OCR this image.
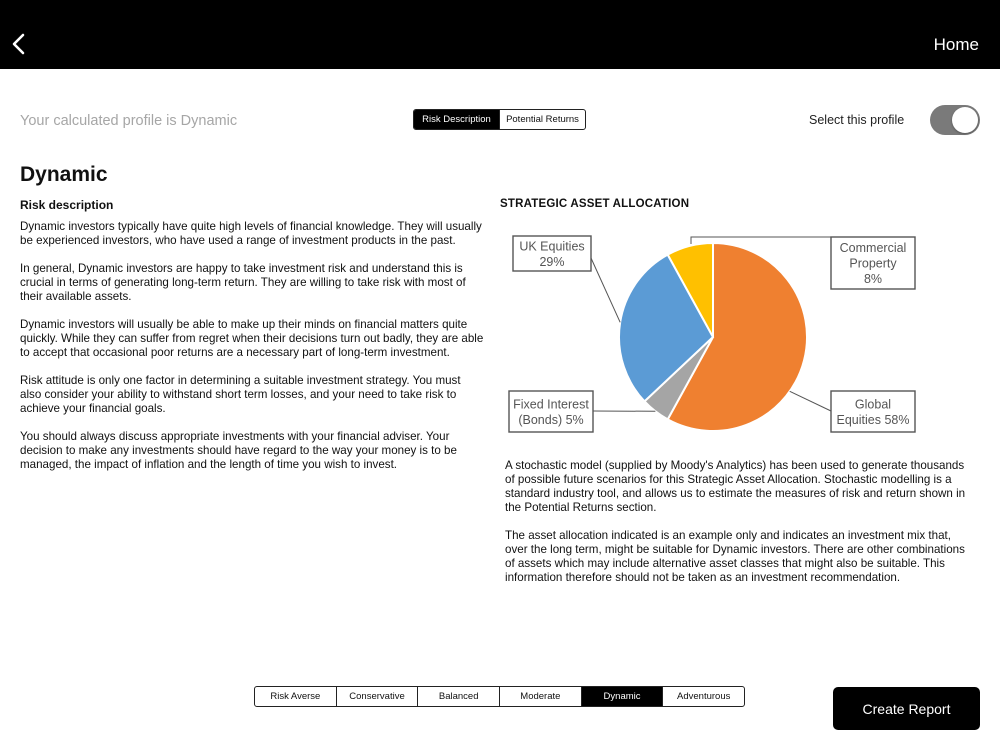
Home
Your calculated profile is Dynamic	Risk Description	Potential Returns	Select this profile
Dynamic
Risk description

Dynamic investors typically have quite high levels of financial knowledge. They will usually be experienced investors, who have used a range of investment products in the past.

In general, Dynamic investors are happy to take investment risk and understand this is crucial in terms of generating long-term return. They are willing to take risk with most of their available assets.

Dynamic investors will usually be able to make up their minds on financial matters quite quickly. While they can suffer from regret when their decisions turn out badly, they are able to accept that occasional poor returns are a necessary part of long-term investment.

Risk attitude is only one factor in determining a suitable investment strategy. You must also consider your ability to withstand short term losses, and your need to take risk to achieve your financial goals.

You should always discuss appropriate investments with your financial adviser. Your decision to make any investments should have regard to the way your money is to be managed, the impact of inflation and the length of time you wish to invest.

STRATEGIC ASSET ALLOCATION
Global
Equities 58%
Fixed Interest
(Bonds) 5%
UK Equities
29%
Commercial
Property
8%

A stochastic model (supplied by Moody's Analytics) has been used to generate thousands of possible future scenarios for this Strategic Asset Allocation. Stochastic modelling is a standard industry tool, and allows us to estimate the measures of risk and return shown in the Potential Returns section.

The asset allocation indicated is an example only and indicates an investment mix that, over the long term, might be suitable for Dynamic investors. There are other combinations of assets which may include alternative asset classes that might also be suitable. This information therefore should not be taken as an investment recommendation.

Risk Averse	Conservative	Balanced	Moderate	Dynamic	Adventurous
Create Report
